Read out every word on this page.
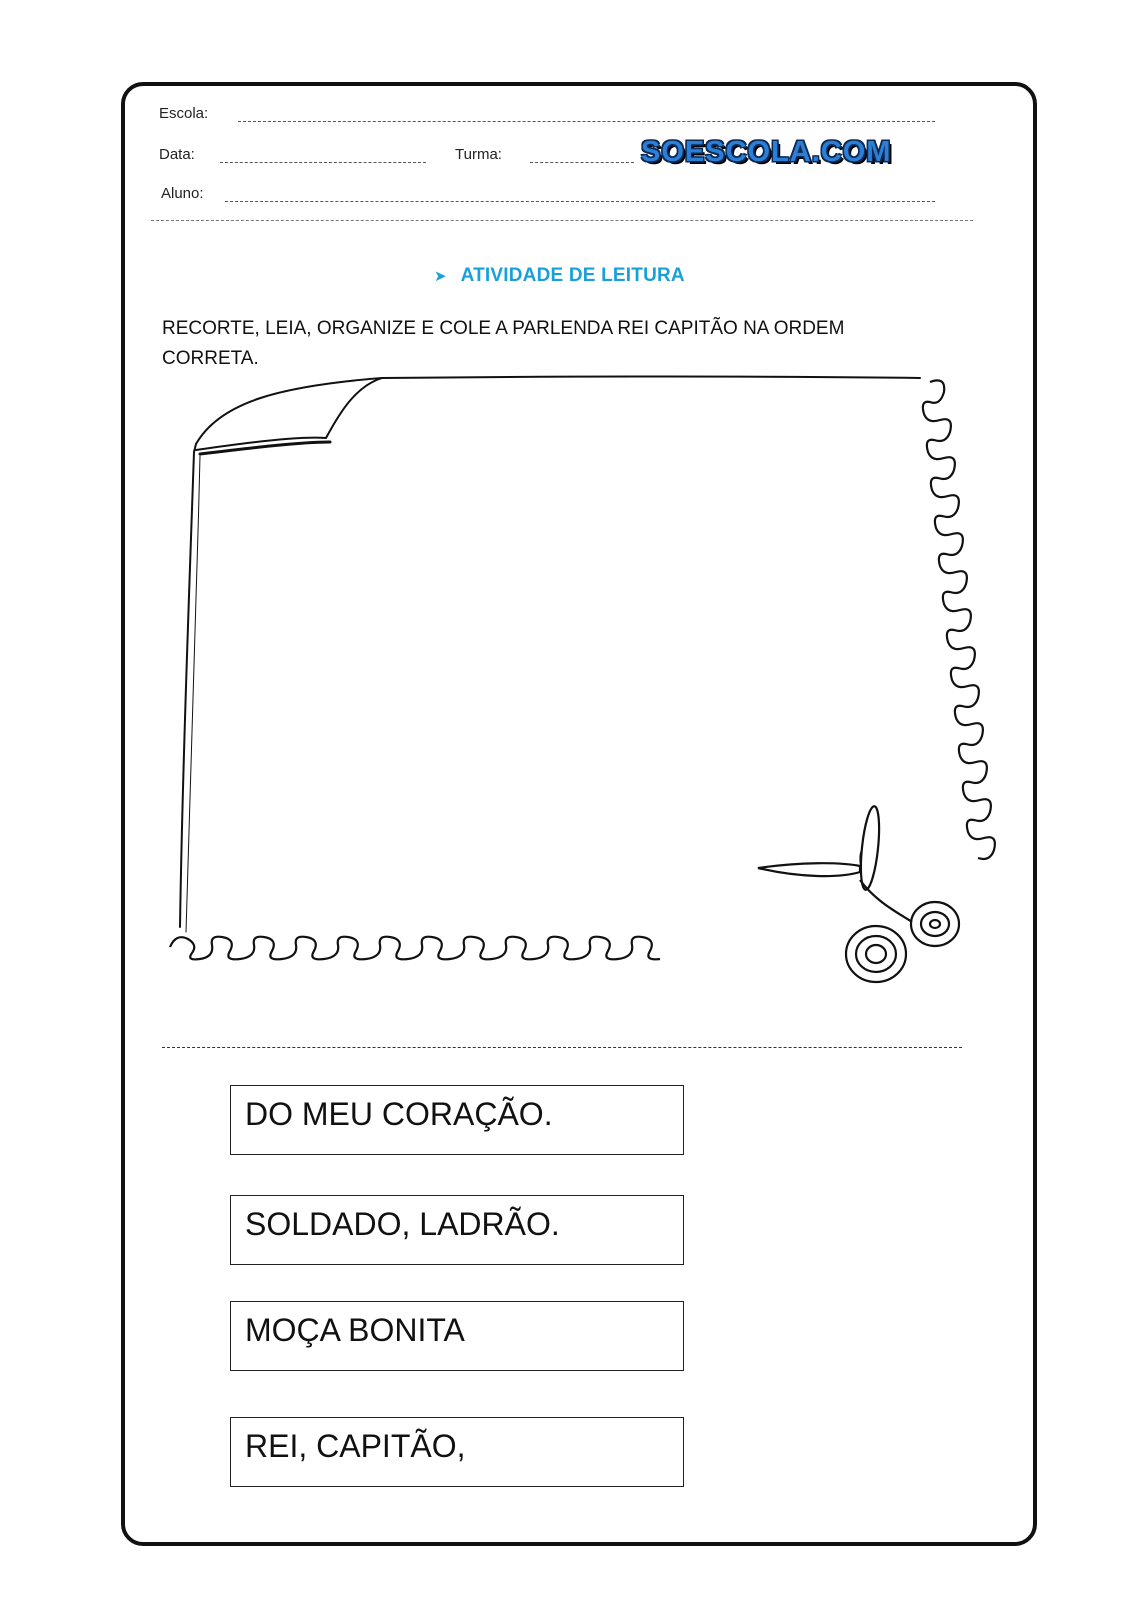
Escola:
Data:	Turma:	SOESCOLA.COM
Aluno:
➤ ATIVIDADE DE LEITURA
RECORTE, LEIA, ORGANIZE E COLE A PARLENDA REI CAPITÃO NA ORDEM CORRETA.
DO MEU CORAÇÃO.
SOLDADO, LADRÃO.
MOÇA BONITA
REI, CAPITÃO,
